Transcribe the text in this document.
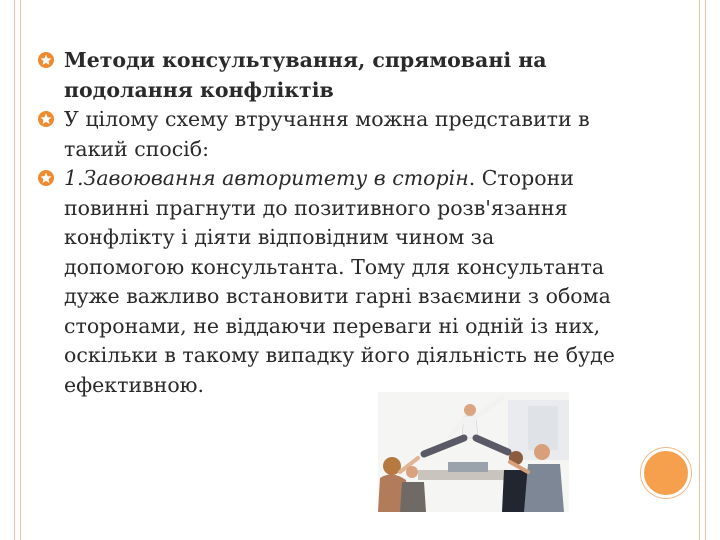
Методи консультування, спрямовані на подолання конфліктів

У цілому схему втручання можна представити в такий спосіб:

1.Завоювання авторитету в сторін. Сторони повинні прагнути до позитивного розв'язання конфлікту і діяти відповідним чином за допомогою консультанта. Тому для консультанта дуже важливо встановити гарні взаємини з обома сторонами, не віддаючи переваги ні одній із них, оскільки в такому випадку його діяльність не буде ефективною.
